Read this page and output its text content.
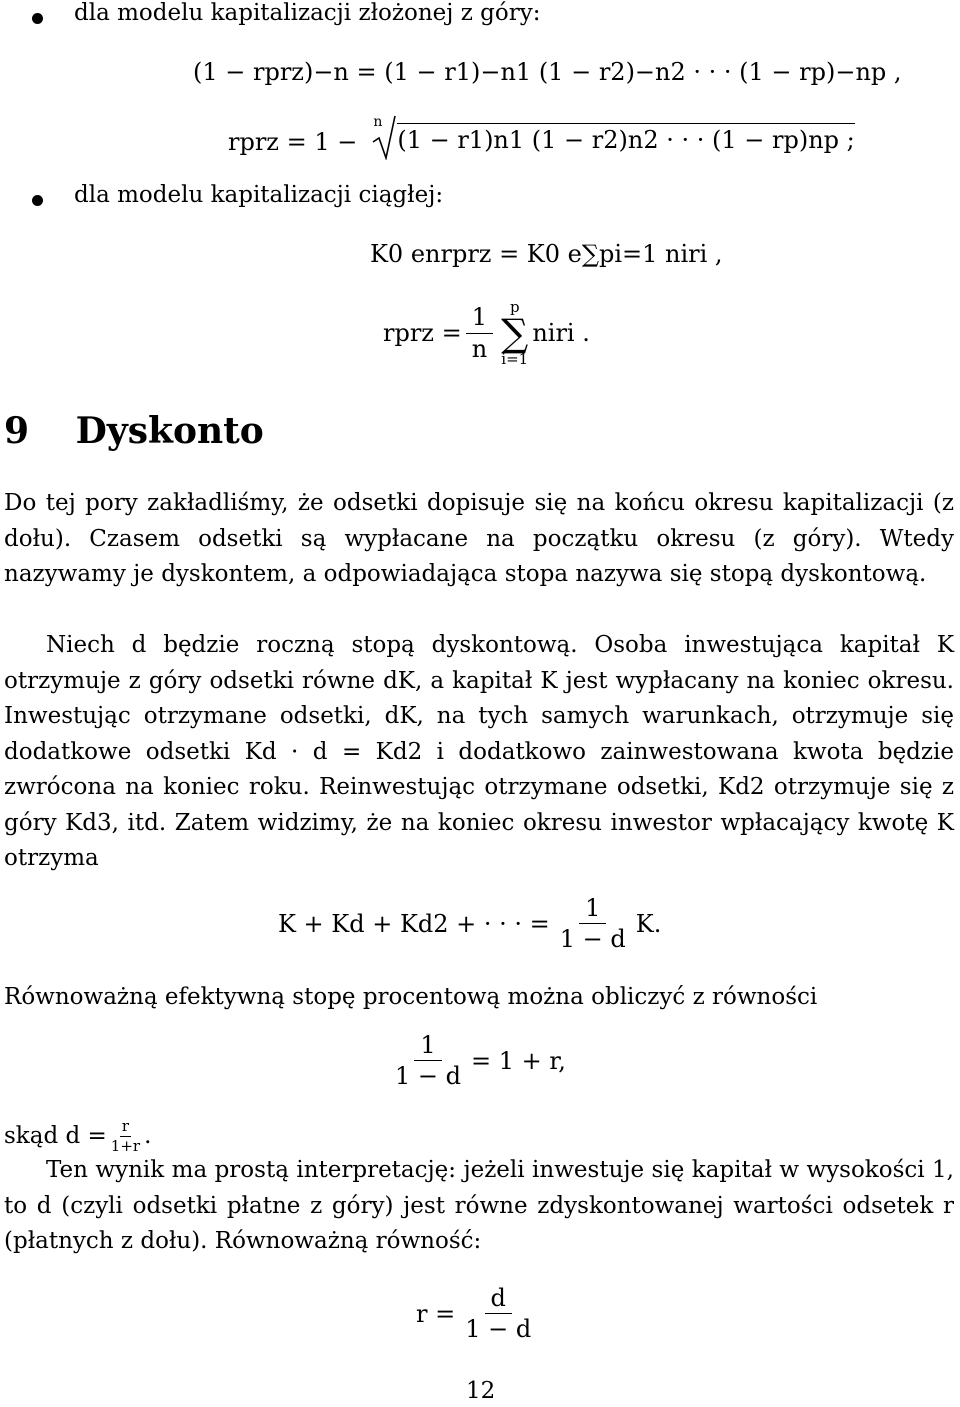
dla modelu kapitalizacji złożonej z góry:
(1 − rprz)−n = (1 − r1)−n1 (1 − r2)−n2 · · · (1 − rp)−np ,
rprz = 1 −
n
(1 − r1)n1 (1 − r2)n2 · · · (1 − rp)np ;
dla modelu kapitalizacji ciągłej:
K0 enrprz = K0 e∑pi=1 niri ,
rprz = $\frac{1}{n}$ p
∑
i=1
niri .
9 Dyskonto
Do tej pory zakładliśmy, że odsetki dopisuje się na końcu okresu kapitalizacji (z dołu). Czasem odsetki są wypłacane na początku okresu (z góry). Wtedy nazywamy je dyskontem, a odpowiadająca stopa nazywa się stopą dyskontową.
Niech d będzie roczną stopą dyskontową. Osoba inwestująca kapitał K otrzymuje z góry odsetki równe dK, a kapitał K jest wypłacany na koniec okresu. Inwestując otrzymane odsetki, dK, na tych samych warunkach, otrzymuje się dodatkowe odsetki Kd · d = Kd2 i dodatkowo zainwestowana kwota będzie zwrócona na koniec roku. Reinwestując otrzymane odsetki, Kd2 otrzymuje się z góry Kd3, itd. Zatem widzimy, że na koniec okresu inwestor wpłacający kwotę K otrzyma
K + Kd + Kd2 + · · · = $\frac{1}{1 - d} K$.
Równoważną efektywną stopę procentową można obliczyć z równości
$\frac{1}{1 - d} = 1 + r$,
skąd $d = \frac{r}{1+r}$ .
Ten wynik ma prostą interpretację: jeżeli inwestuje się kapitał w wysokości 1, to d (czyli odsetki płatne z góry) jest równe zdyskontowanej wartości odsetek r (płatnych z dołu). Równoważną równość:
$r = \frac{d}{1 - d}$
12
